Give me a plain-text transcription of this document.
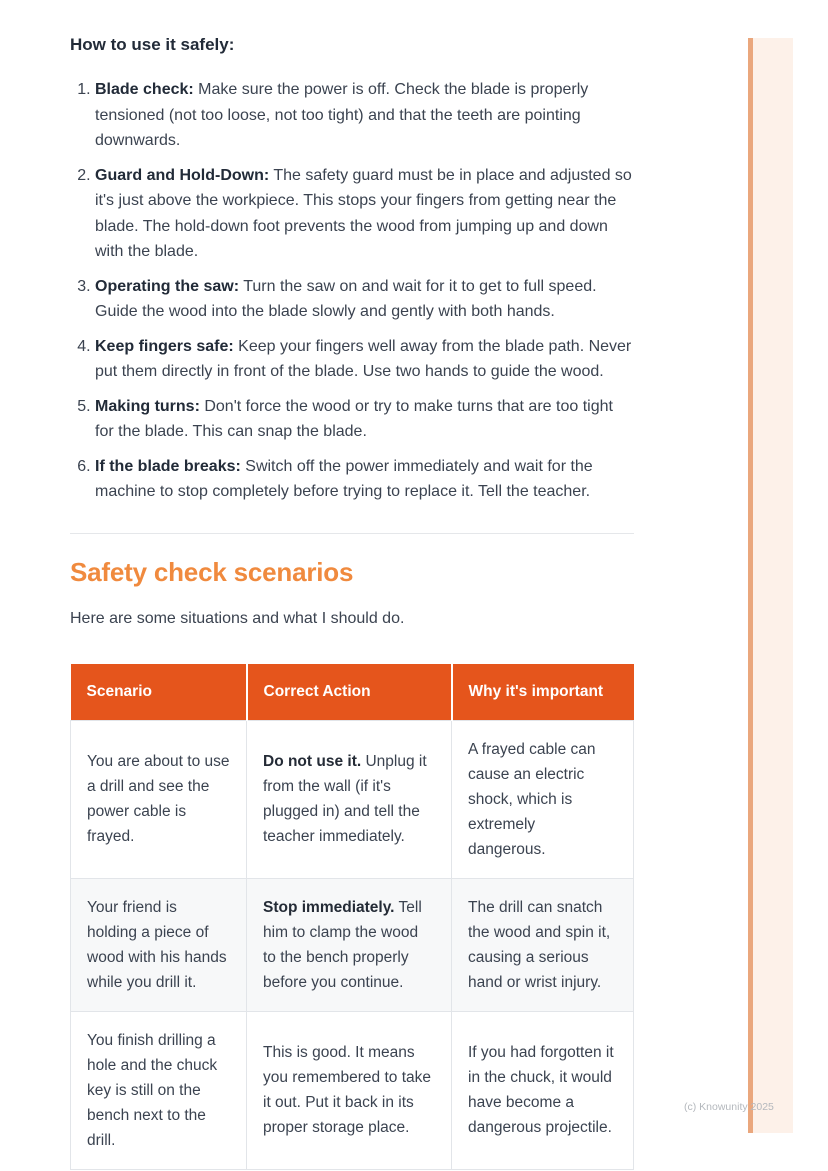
How to use it safely:
1. Blade check: Make sure the power is off. Check the blade is properly tensioned (not too loose, not too tight) and that the teeth are pointing downwards.
2. Guard and Hold-Down: The safety guard must be in place and adjusted so it's just above the workpiece. This stops your fingers from getting near the blade. The hold-down foot prevents the wood from jumping up and down with the blade.
3. Operating the saw: Turn the saw on and wait for it to get to full speed. Guide the wood into the blade slowly and gently with both hands.
4. Keep fingers safe: Keep your fingers well away from the blade path. Never put them directly in front of the blade. Use two hands to guide the wood.
5. Making turns: Don't force the wood or try to make turns that are too tight for the blade. This can snap the blade.
6. If the blade breaks: Switch off the power immediately and wait for the machine to stop completely before trying to replace it. Tell the teacher.
Safety check scenarios

Here are some situations and what I should do.

Scenario	Correct Action	Why it's important
You are about to use a drill and see the power cable is frayed.	Do not use it. Unplug it from the wall (if it's plugged in) and tell the teacher immediately.	A frayed cable can cause an electric shock, which is extremely dangerous.
Your friend is holding a piece of wood with his hands while you drill it.	Stop immediately. Tell him to clamp the wood to the bench properly before you continue.	The drill can snatch the wood and spin it, causing a serious hand or wrist injury.
You finish drilling a hole and the chuck key is still on the bench next to the drill.	This is good. It means you remembered to take it out. Put it back in its proper storage place.	If you had forgotten it in the chuck, it would have become a dangerous projectile.
(c) Knowunity 2025
